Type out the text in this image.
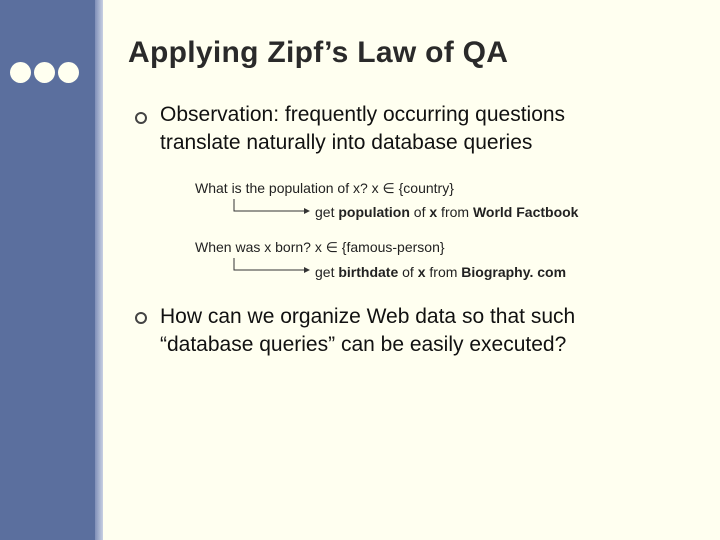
Applying Zipf’s Law of QA
Observation: frequently occurring questions
translate naturally into database queries
What is the population of x? x ∈ {country}
get population of x from World Factbook
When was x born? x ∈ {famous-person}
get birthdate of x from Biography. com
How can we organize Web data so that such
“database queries” can be easily executed?
